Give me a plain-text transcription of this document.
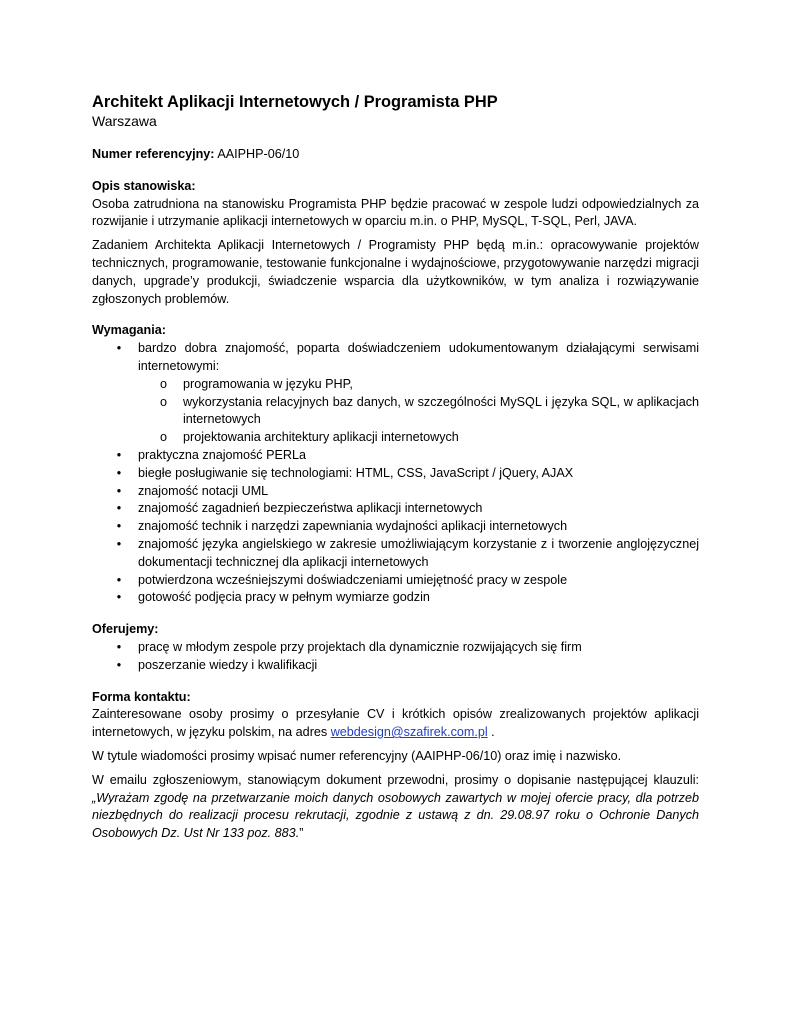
Architekt Aplikacji Internetowych / Programista PHP

Warszawa

Numer referencyjny: AAIPHP-06/10

Opis stanowiska:

Osoba zatrudniona na stanowisku Programista PHP będzie pracować w zespole ludzi odpowiedzialnych za rozwijanie i utrzymanie aplikacji internetowych w oparciu m.in. o PHP, MySQL, T-SQL, Perl, JAVA.

Zadaniem Architekta Aplikacji Internetowych / Programisty PHP będą m.in.: opracowywanie projektów technicznych, programowanie, testowanie funkcjonalne i wydajnościowe, przygotowywanie narzędzi migracji danych, upgrade’y produkcji, świadczenie wsparcia dla użytkowników, w tym analiza i rozwiązywanie zgłoszonych problemów.

Wymagania:

• bardzo dobra znajomość, poparta doświadczeniem udokumentowanym działającymi serwisami internetowymi:
o programowania w języku PHP,
o wykorzystania relacyjnych baz danych, w szczególności MySQL i języka SQL, w aplikacjach internetowych
o projektowania architektury aplikacji internetowych
• praktyczna znajomość PERLa
• biegłe posługiwanie się technologiami: HTML, CSS, JavaScript / jQuery, AJAX
• znajomość notacji UML
• znajomość zagadnień bezpieczeństwa aplikacji internetowych
• znajomość technik i narzędzi zapewniania wydajności aplikacji internetowych
• znajomość języka angielskiego w zakresie umożliwiającym korzystanie z i tworzenie anglojęzycznej dokumentacji technicznej dla aplikacji internetowych
• potwierdzona wcześniejszymi doświadczeniami umiejętność pracy w zespole
• gotowość podjęcia pracy w pełnym wymiarze godzin

Oferujemy:

• pracę w młodym zespole przy projektach dla dynamicznie rozwijających się firm
• poszerzanie wiedzy i kwalifikacji

Forma kontaktu:

Zainteresowane osoby prosimy o przesyłanie CV i krótkich opisów zrealizowanych projektów aplikacji internetowych, w języku polskim, na adres webdesign@szafirek.com.pl .

W tytule wiadomości prosimy wpisać numer referencyjny (AAIPHP-06/10) oraz imię i nazwisko.

W emailu zgłoszeniowym, stanowiącym dokument przewodni, prosimy o dopisanie następującej klauzuli: „Wyrażam zgodę na przetwarzanie moich danych osobowych zawartych w mojej ofercie pracy, dla potrzeb niezbędnych do realizacji procesu rekrutacji, zgodnie z ustawą z dn. 29.08.97 roku o Ochronie Danych Osobowych Dz. Ust Nr 133 poz. 883.”
